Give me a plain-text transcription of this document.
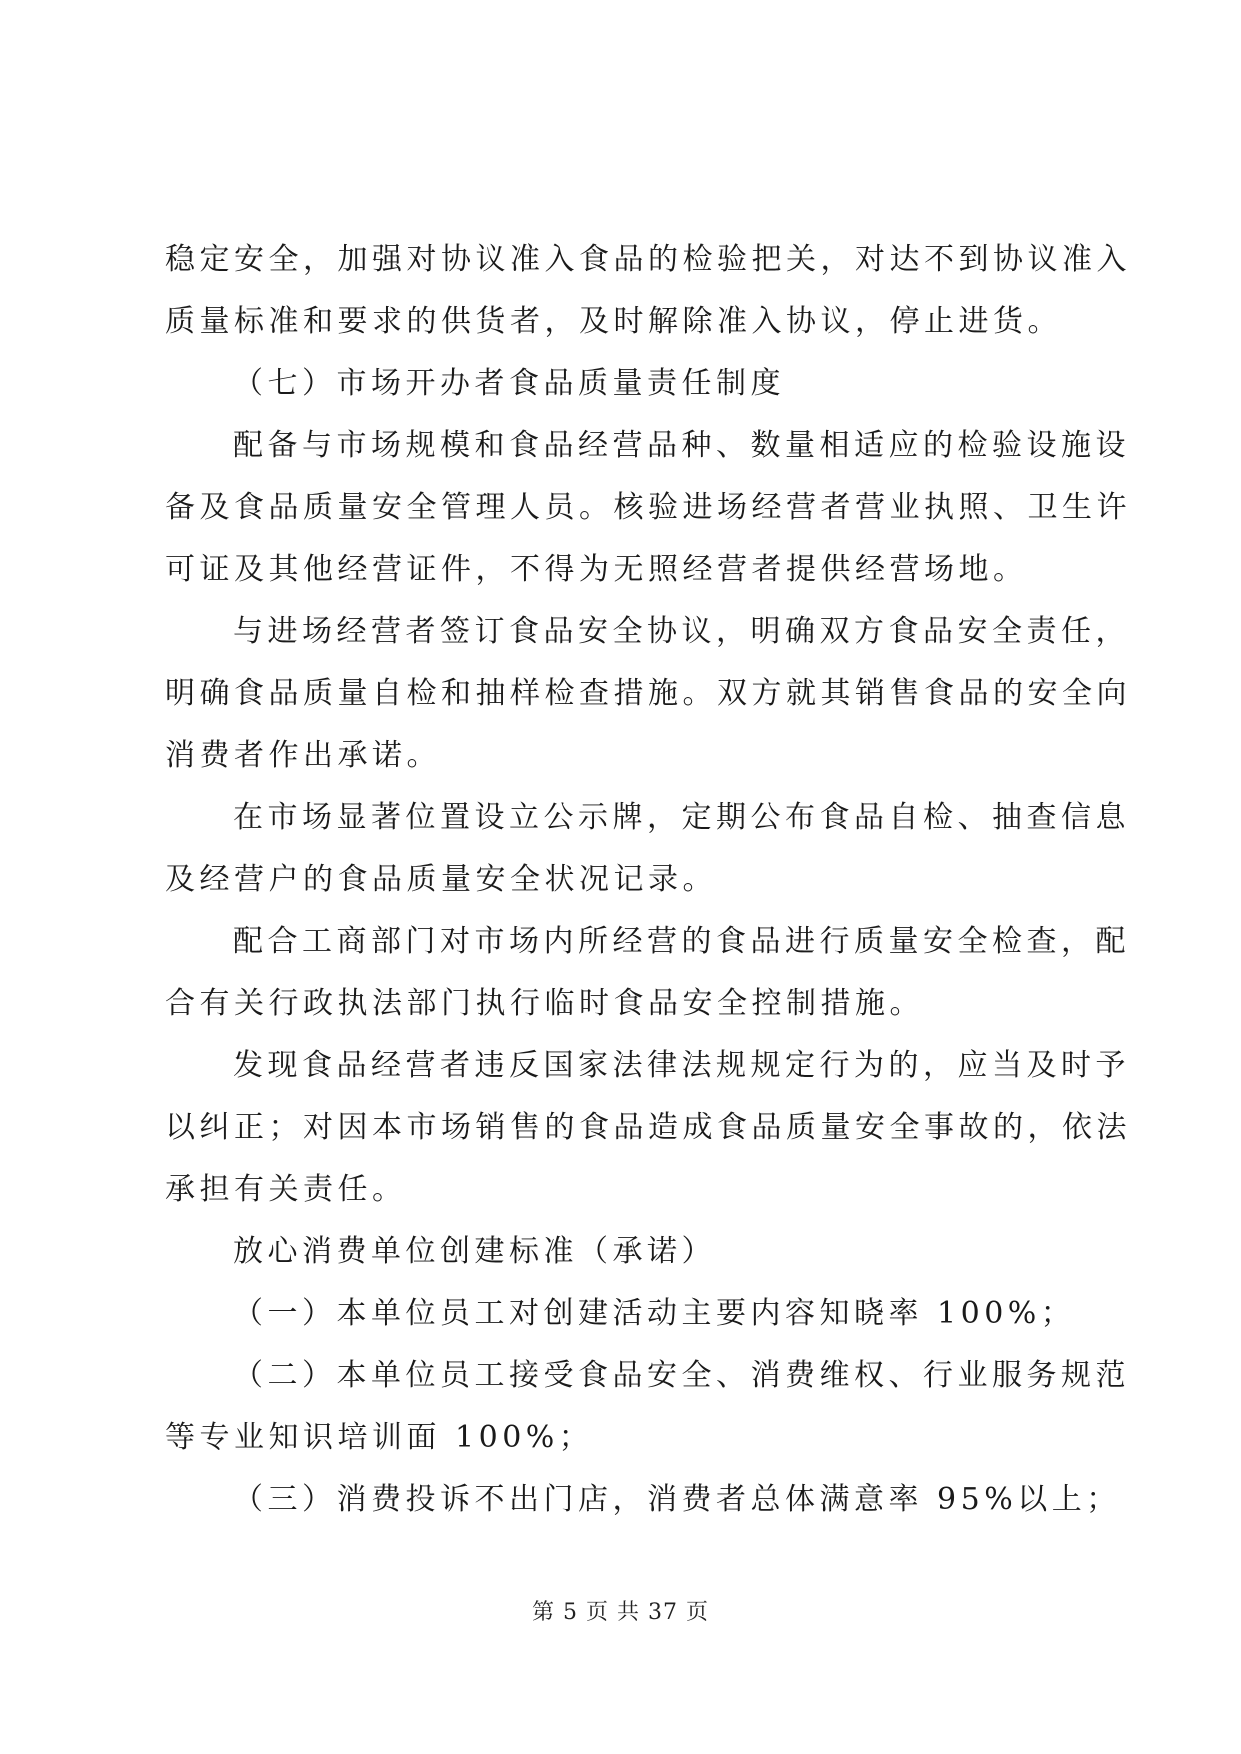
稳定安全，加强对协议准入食品的检验把关，对达不到协议准入
质量标准和要求的供货者，及时解除准入协议，停止进货。

（七）市场开办者食品质量责任制度

配备与市场规模和食品经营品种、数量相适应的检验设施设
备及食品质量安全管理人员。核验进场经营者营业执照、卫生许
可证及其他经营证件，不得为无照经营者提供经营场地。

与进场经营者签订食品安全协议，明确双方食品安全责任，
明确食品质量自检和抽样检查措施。双方就其销售食品的安全向
消费者作出承诺。

在市场显著位置设立公示牌，定期公布食品自检、抽查信息
及经营户的食品质量安全状况记录。

配合工商部门对市场内所经营的食品进行质量安全检查，配
合有关行政执法部门执行临时食品安全控制措施。

发现食品经营者违反国家法律法规规定行为的，应当及时予
以纠正；对因本市场销售的食品造成食品质量安全事故的，依法
承担有关责任。

放心消费单位创建标准（承诺）

（一）本单位员工对创建活动主要内容知晓率 100%；

（二）本单位员工接受食品安全、消费维权、行业服务规范
等专业知识培训面 100%；

（三）消费投诉不出门店，消费者总体满意率 95%以上；

第 5 页 共 37 页
